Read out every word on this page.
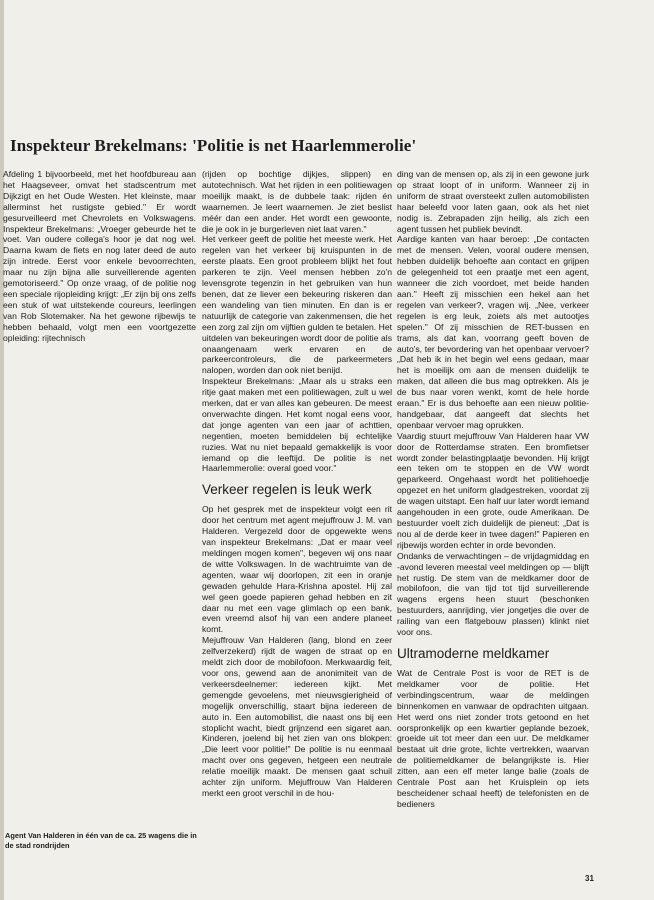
Inspekteur Brekelmans: 'Politie is net Haarlemmerolie'

Afdeling 1 bijvoorbeeld, met het hoofdbureau aan het Haagseveer, omvat het stadscentrum met Dijkzigt en het Oude Westen. Het kleinste, maar allerminst het rustigste gebied." Er wordt gesurveilleerd met Chevrolets en Volkswagens. Inspekteur Brekelmans: „Vroeger gebeurde het te voet. Van oudere collega's hoor je dat nog wel. Daarna kwam de fiets en nog later deed de auto zijn intrede. Eerst voor enkele bevoorrechten, maar nu zijn bijna alle surveillerende agenten gemotoriseerd." Op onze vraag, of de politie nog een speciale rijopleiding krijgt: „Er zijn bij ons zelfs een stuk of wat uitstekende coureurs, leerlingen van Rob Slotemaker. Na het gewone rijbewijs te hebben behaald, volgt men een voortgezette opleiding: rijtechnisch

(rijden op bochtige dijkjes, slippen) en autotechnisch. Wat het rijden in een politiewagen moeilijk maakt, is de dubbele taak: rijden én waarnemen. Je leert waarnemen. Je ziet beslist méér dan een ander. Het wordt een gewoonte, die je ook in je burgerleven niet laat varen."

Het verkeer geeft de politie het meeste werk. Het regelen van het verkeer bij kruispunten in de eerste plaats. Een groot probleem blijkt het fout parkeren te zijn. Veel mensen hebben zo'n levensgrote tegenzin in het gebruiken van hun benen, dat ze liever een bekeuring riskeren dan een wandeling van tien minuten. En dan is er natuurlijk de categorie van zakenmensen, die het een zorg zal zijn om vijftien gulden te betalen. Het uitdelen van bekeuringen wordt door de politie als onaangenaam werk ervaren en de parkeercontroleurs, die de parkeermeters nalopen, worden dan ook niet benijd.

Inspekteur Brekelmans: „Maar als u straks een ritje gaat maken met een politiewagen, zult u wel merken, dat er van alles kan gebeuren. De meest onverwachte dingen. Het komt nogal eens voor, dat jonge agenten van een jaar of achttien, negentien, moeten bemiddelen bij echtelijke ruzies. Wat nu niet bepaald gemakkelijk is voor iemand op die leeftijd. De politie is net Haarlemmerolie: overal goed voor."

Verkeer regelen is leuk werk

Op het gesprek met de inspekteur volgt een rit door het centrum met agent mejuffrouw J. M. van Halderen. Vergezeld door de opgewekte wens van inspekteur Brekelmans: „Dat er maar veel meldingen mogen komen", begeven wij ons naar de witte Volkswagen. In de wachtruimte van de agenten, waar wij doorlopen, zit een in oranje gewaden gehulde Hara-Krishna apostel. Hij zal wel geen goede papieren gehad hebben en zit daar nu met een vage glimlach op een bank, even vreemd alsof hij van een andere planeet komt.

Mejuffrouw Van Halderen (lang, blond en zeer zelfverzekerd) rijdt de wagen de straat op en meldt zich door de mobilofoon. Merkwaardig feit, voor ons, gewend aan de anonimiteit van de verkeersdeelnemer: iedereen kijkt. Met gemengde gevoelens, met nieuwsgierigheid of mogelijk onverschillig, staart bijna iedereen de auto in. Een automobilist, die naast ons bij een stoplicht wacht, biedt grijnzend een sigaret aan. Kinderen, joelend bij het zien van ons blokpen: „Die leert voor politie!" De politie is nu eenmaal macht over ons gegeven, hetgeen een neutrale relatie moeilijk maakt. De mensen gaat schuil achter zijn uniform. Mejuffrouw Van Halderen merkt een groot verschil in de hou-

ding van de mensen op, als zij in een gewone jurk op straat loopt of in uniform. Wanneer zij in uniform de straat oversteekt zullen automobilisten haar beleefd voor laten gaan, ook als het niet nodig is. Zebrapaden zijn heilig, als zich een agent tussen het publiek bevindt.

Aardige kanten van haar beroep: „De contacten met de mensen. Velen, vooral oudere mensen, hebben duidelijk behoefte aan contact en grijpen de gelegenheid tot een praatje met een agent, wanneer die zich voordoet, met beide handen aan." Heeft zij misschien een hekel aan het regelen van verkeer?, vragen wij. „Nee, verkeer regelen is erg leuk, zoiets als met autootjes spelen." Of zij misschien de RET-bussen en trams, als dat kan, voorrang geeft boven de auto's, ter bevordering van het openbaar vervoer? „Dat heb ik in het begin wel eens gedaan, maar het is moeilijk om aan de mensen duidelijk te maken, dat alleen die bus mag optrekken. Als je de bus naar voren wenkt, komt de hele horde eraan." Er is dus behoefte aan een nieuw politie-handgebaar, dat aangeeft dat slechts het openbaar vervoer mag oprukken.

Vaardig stuurt mejuffrouw Van Halderen haar VW door de Rotterdamse straten. Een bromfietser wordt zonder belastingplaatje bevonden. Hij krijgt een teken om te stoppen en de VW wordt geparkeerd. Ongehaast wordt het politiehoedje opgezet en het uniform gladgestreken, voordat zij de wagen uitstapt. Een half uur later wordt iemand aangehouden in een grote, oude Amerikaan. De bestuurder voelt zich duidelijk de pieneut: „Dat is nou al de derde keer in twee dagen!" Papieren en rijbewijs worden echter in orde bevonden.

Ondanks de verwachtingen – de vrijdagmiddag en -avond leveren meestal veel meldingen op — blijft het rustig. De stem van de meldkamer door de mobilofoon, die van tijd tot tijd surveillerende wagens ergens heen stuurt (beschonken bestuurders, aanrijding, vier jongetjes die over de railing van een flatgebouw plassen) klinkt niet voor ons.

Ultramoderne meldkamer

Wat de Centrale Post is voor de RET is de meldkamer voor de politie. Het verbindingscentrum, waar de meldingen binnenkomen en vanwaar de opdrachten uitgaan. Het werd ons niet zonder trots getoond en het oorspronkelijk op een kwartier geplande bezoek, groeide uit tot meer dan een uur. De meldkamer bestaat uit drie grote, lichte vertrekken, waarvan de politiemeldkamer de belangrijkste is. Hier zitten, aan een elf meter lange balie (zoals de Centrale Post aan het Kruisplein op iets bescheidener schaal heeft) de telefonisten en de bedieners

Agent Van Halderen in één van de ca. 25 wagens die in de stad rondrijden
31
